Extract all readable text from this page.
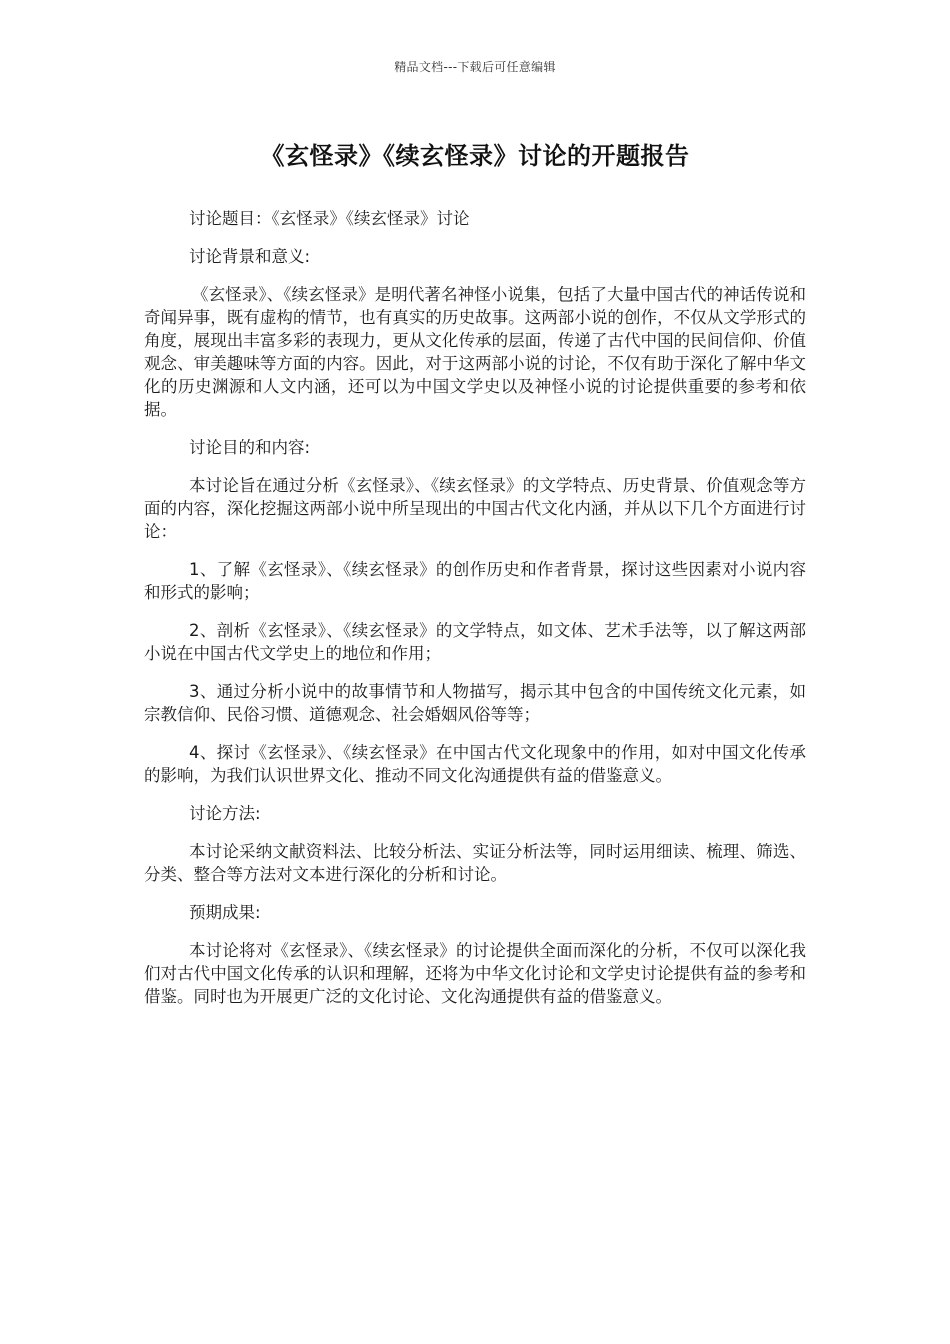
精品文档---下载后可任意编辑
《玄怪录》《续玄怪录》讨论的开题报告

讨论题目：《玄怪录》《续玄怪录》讨论

讨论背景和意义:

《玄怪录》、《续玄怪录》是明代著名神怪小说集，包括了大量中国古代的神话传说和奇闻异事，既有虚构的情节，也有真实的历史故事。这两部小说的创作，不仅从文学形式的角度，展现出丰富多彩的表现力，更从文化传承的层面，传递了古代中国的民间信仰、价值观念、审美趣味等方面的内容。因此，对于这两部小说的讨论，不仅有助于深化了解中华文化的历史渊源和人文内涵，还可以为中国文学史以及神怪小说的讨论提供重要的参考和依据。

讨论目的和内容:

本讨论旨在通过分析《玄怪录》、《续玄怪录》的文学特点、历史背景、价值观念等方面的内容，深化挖掘这两部小说中所呈现出的中国古代文化内涵，并从以下几个方面进行讨论：

1、了解《玄怪录》、《续玄怪录》的创作历史和作者背景，探讨这些因素对小说内容和形式的影响；

2、剖析《玄怪录》、《续玄怪录》的文学特点，如文体、艺术手法等，以了解这两部小说在中国古代文学史上的地位和作用；

3、通过分析小说中的故事情节和人物描写，揭示其中包含的中国传统文化元素，如宗教信仰、民俗习惯、道德观念、社会婚姻风俗等等；

4、探讨《玄怪录》、《续玄怪录》在中国古代文化现象中的作用，如对中国文化传承的影响，为我们认识世界文化、推动不同文化沟通提供有益的借鉴意义。

讨论方法:

本讨论采纳文献资料法、比较分析法、实证分析法等，同时运用细读、梳理、筛选、分类、整合等方法对文本进行深化的分析和讨论。

预期成果:

本讨论将对《玄怪录》、《续玄怪录》的讨论提供全面而深化的分析，不仅可以深化我们对古代中国文化传承的认识和理解，还将为中华文化讨论和文学史讨论提供有益的参考和借鉴。同时也为开展更广泛的文化讨论、文化沟通提供有益的借鉴意义。
